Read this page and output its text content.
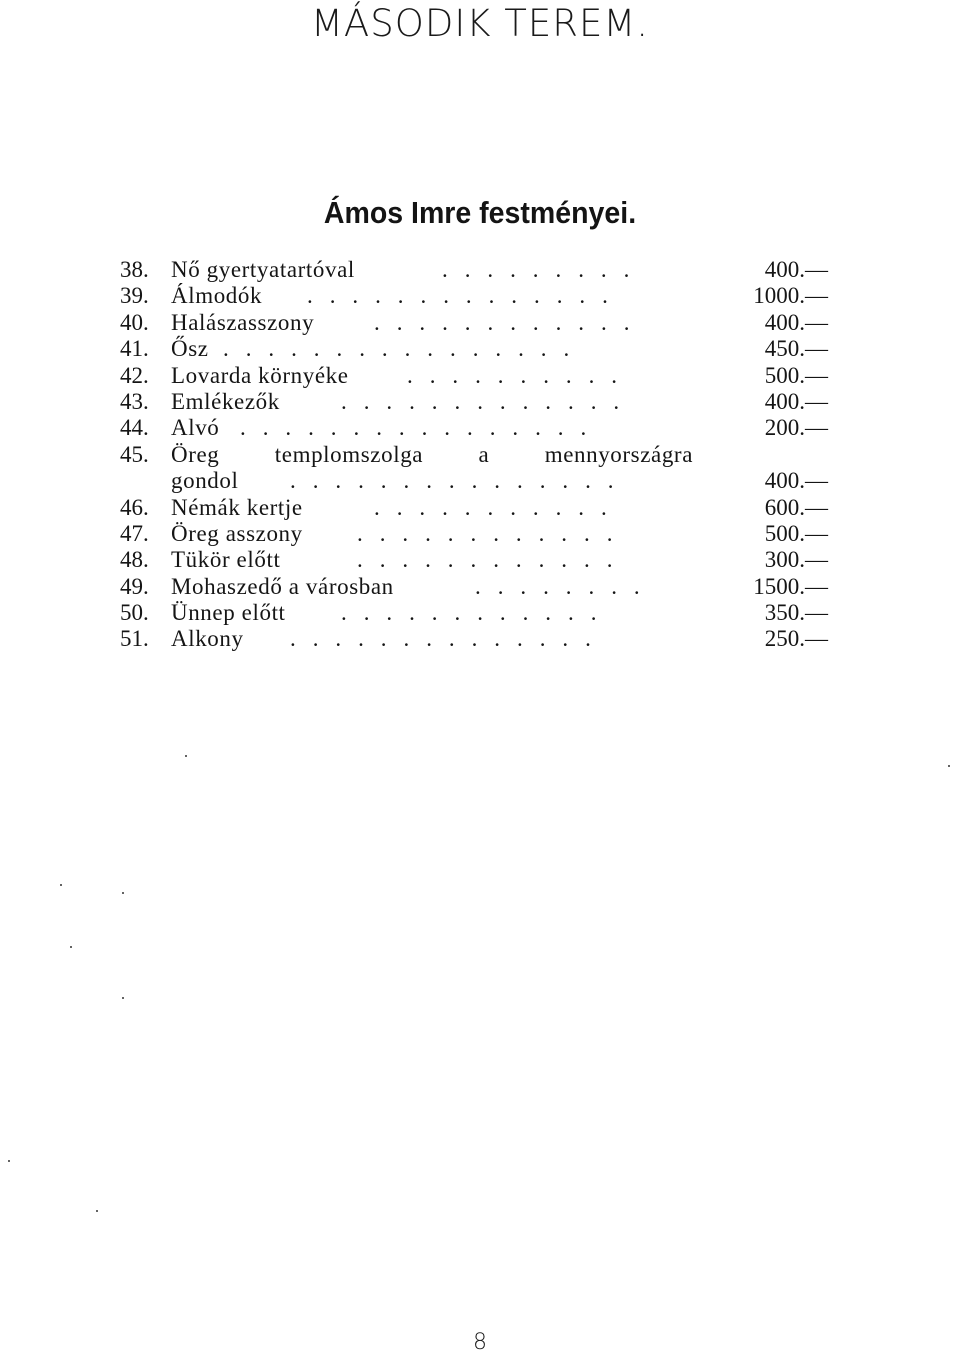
MÁSODIK TEREM.
Ámos Imre festményei.
38. Nő gyertyatartóval	. . . . . . . . .	400.—
39. Álmodók . . . . . . . . . . . . . .	1000.—
40. Halászasszony	. . . . . . . . . . . .	400.—
41. Ősz . . . . . . . . . . . . . . . .	450.—
42. Lovarda környéke	. . . . . . . . . .	500.—
43. Emlékezők	. . . . . . . . . . . . .	400.—
44. Alvó . . . . . . . . . . . . . . . .	200.—
45. Öreg templomszolga a mennyországra
gondol . . . . . . . . . . . . . . .	400.—
46. Némák kertje	. . . . . . . . . . .	600.—
47. Öreg asszony . . . . . . . . . . . .	500.—
48. Tükör előtt	. . . . . . . . . . . .	300.—
49. Mohaszedő a városban	. . . . . . . .	1500.—
50. Ünnep előtt . . . . . . . . . . . .	350.—
51. Alkony . . . . . . . . . . . . . .	250.—
8
